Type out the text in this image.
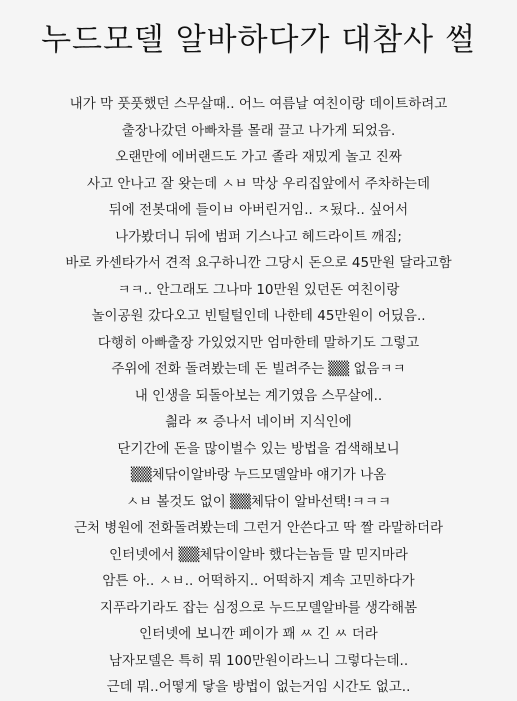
누드모델 알바하다가 대참사 썰
내가 막 풋풋했던 스무살때.. 어느 여름날 여친이랑 데이트하려고
출장나갔던 아빠차를 몰래 끌고 나가게 되었음.
오랜만에 에버랜드도 가고 졸라 재밌게 놀고 진짜
사고 안나고 잘 왓는데 ㅅㅂ 막상 우리집앞에서 주차하는데
뒤에 전봇대에 들이ㅂ 아버린거임.. ㅈ됬다.. 싶어서
나가봤더니 뒤에 범퍼 기스나고 헤드라이트 깨짐;
바로 카센타가서 견적 요구하니깐 그당시 돈으로 45만원 달라고함
ㅋㅋ.. 안그래도 그나마 10만원 있던돈 여친이랑
놀이공원 갔다오고 빈털털인데 나한테 45만원이 어딨음..
다행히 아빠출장 가있었지만 엄마한테 말하기도 그렇고
주위에 전화 돌려봤는데 돈 빌려주는 ▒▒ 없음ㅋㅋ
내 인생을 되돌아보는 계기였음 스무살에..
칆라 ㅉ 증나서 네이버 지식인에
단기간에 돈을 많이벌수 있는 방법을 검색해보니
▒▒체닦이알바랑 누드모델알바 얘기가 나옴
ㅅㅂ 볼것도 없이 ▒▒체닦이 알바선택!ㅋㅋㅋ
근처 병원에 전화돌려봤는데 그런거 안쓴다고 딱 짤 라말하더라
인터넷에서 ▒▒체닦이알바 했다는놈들 말 믿지마라
암튼 아.. ㅅㅂ.. 어떡하지.. 어떡하지 계속 고민하다가
지푸라기라도 잡는 심정으로 누드모델알바를 생각해봄
인터넷에 보니깐 페이가 꽤 ㅆ 긴 ㅆ 더라
남자모델은 특히 뭐 100만원이라느니 그렇다는데..
근데 뭐..어떻게 닿을 방법이 없는거임 시간도 없고..
